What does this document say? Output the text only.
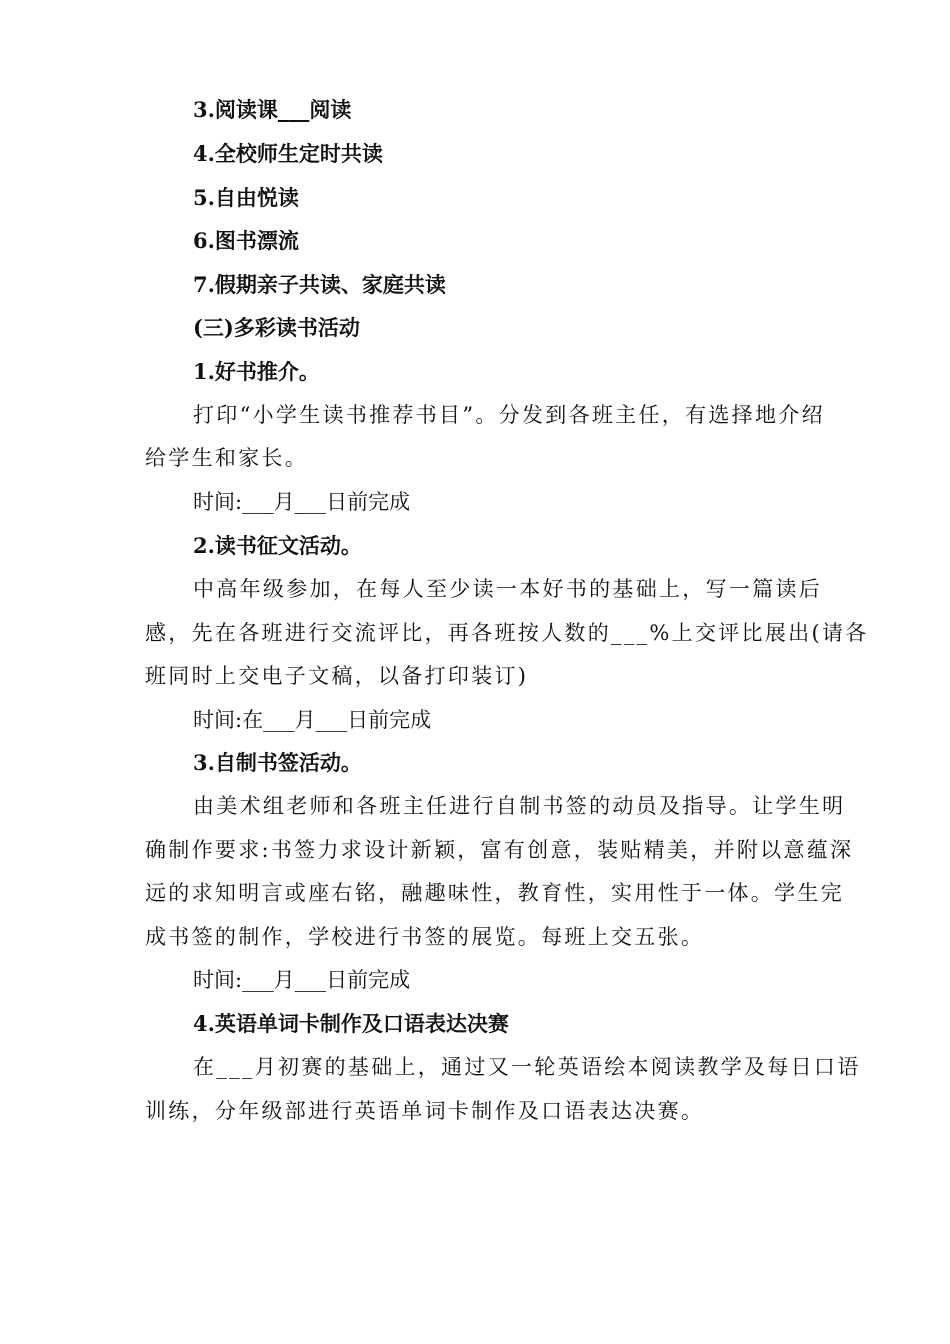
3.阅读课___阅读
4.全校师生定时共读
5.自由悦读
6.图书漂流
7.假期亲子共读、家庭共读
(三)多彩读书活动
1.好书推介。
打印“小学生读书推荐书目”。分发到各班主任，有选择地介绍
给学生和家长。
时间:___月___日前完成
2.读书征文活动。
中高年级参加，在每人至少读一本好书的基础上，写一篇读后
感，先在各班进行交流评比，再各班按人数的___%上交评比展出(请各
班同时上交电子文稿，以备打印装订)
时间:在___月___日前完成
3.自制书签活动。
由美术组老师和各班主任进行自制书签的动员及指导。让学生明
确制作要求:书签力求设计新颖，富有创意，装贴精美，并附以意蕴深
远的求知明言或座右铭，融趣味性，教育性，实用性于一体。学生完
成书签的制作，学校进行书签的展览。每班上交五张。
时间:___月___日前完成
4.英语单词卡制作及口语表达决赛
在___月初赛的基础上，通过又一轮英语绘本阅读教学及每日口语
训练，分年级部进行英语单词卡制作及口语表达决赛。
